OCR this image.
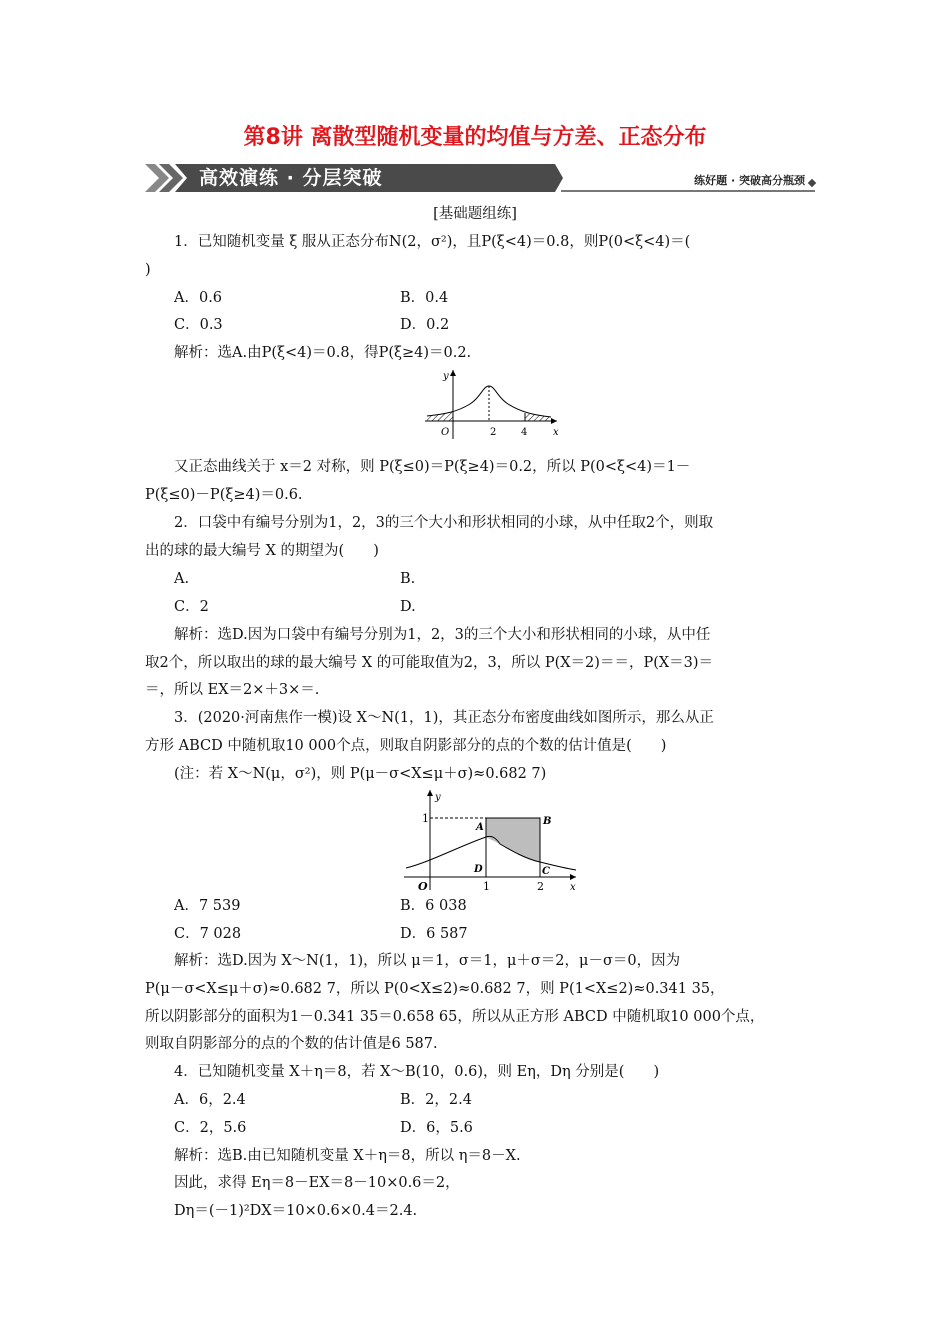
第8讲 离散型随机变量的均值与方差、正态分布
高效演练 · 分层突破	练好题 · 突破高分瓶颈
[基础题组练]
1．已知随机变量 ξ 服从正态分布N(2，σ²)，且P(ξ<4)＝0.8，则P(0<ξ<4)＝(
)
A．0.6	B．0.4
C．0.3	D．0.2
解析：选A.由P(ξ<4)＝0.8，得P(ξ≥4)＝0.2.
y
x
O	2 4
又正态曲线关于 x＝2 对称，则 P(ξ≤0)＝P(ξ≥4)＝0.2，所以 P(0<ξ<4)＝1－
P(ξ≤0)－P(ξ≥4)＝0.6.
2．口袋中有编号分别为1，2，3的三个大小和形状相同的小球，从中任取2个，则取
出的球的最大编号 X 的期望为(　　)
A.	B.
C．2	D.
解析：选D.因为口袋中有编号分别为1，2，3的三个大小和形状相同的小球，从中任
取2个，所以取出的球的最大编号 X 的可能取值为2，3，所以 P(X＝2)＝＝，P(X＝3)＝
＝，所以 EX＝2×＋3×＝.
3．(2020·河南焦作一模)设 X～N(1，1)，其正态分布密度曲线如图所示，那么从正
方形 ABCD 中随机取10 000个点，则取自阴影部分的点的个数的估计值是(　　)
(注：若 X～N(μ，σ²)，则 P(μ－σ<X≤μ＋σ)≈0.682 7)
1
y
x
O	1	2
A
B
C
D
A．7 539	B．6 038
C．7 028	D．6 587
解析：选D.因为 X～N(1，1)，所以 μ＝1，σ＝1，μ＋σ＝2，μ－σ＝0，因为
P(μ－σ<X≤μ＋σ)≈0.682 7，所以 P(0<X≤2)≈0.682 7，则 P(1<X≤2)≈0.341 35，
所以阴影部分的面积为1－0.341 35＝0.658 65，所以从正方形 ABCD 中随机取10 000个点，
则取自阴影部分的点的个数的估计值是6 587.
4．已知随机变量 X＋η＝8，若 X～B(10，0.6)，则 Eη，Dη 分别是(　　)
A．6，2.4	B．2，2.4
C．2，5.6	D．6，5.6
解析：选B.由已知随机变量 X＋η＝8，所以 η＝8－X.
因此，求得 Eη＝8－EX＝8－10×0.6＝2，
Dη＝(－1)²DX＝10×0.6×0.4＝2.4.
